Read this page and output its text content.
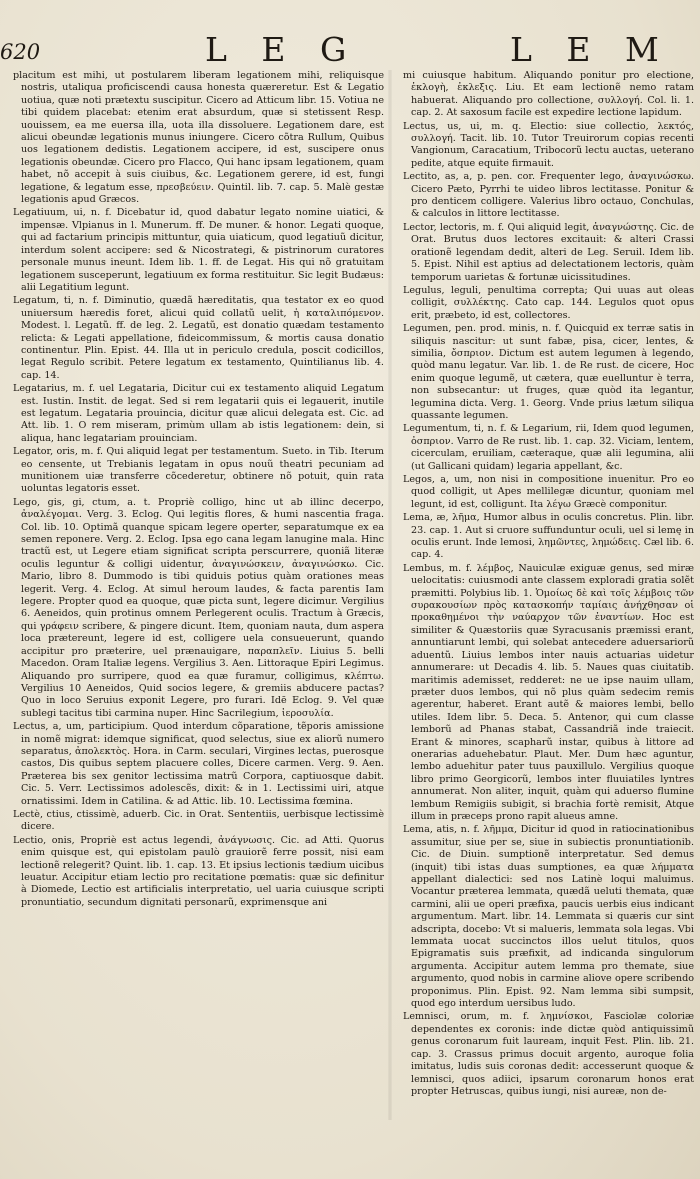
620	L E G	L E M

placitum est mihi, ut postularem liberam legationem mihi, reliquisque nostris, utaliqua proficiscendi causa honesta quæreretur. Est & Legatio uotiua, quæ noti prætextu suscipitur. Cicero ad Atticum libr. 15. Votiua ne tibi quidem placebat: etenim erat absurdum, quæ si stetissent Resp. uouissem, ea me euersa illa, uota illa dissoluere. Legationem dare, est alicui obeundæ legationis munus iniungere. Cicero cõtra Rullum, Quibus uos legationem dedistis. Legationem accipere, id est, suscipere onus legationis obeundæ. Cicero pro Flacco, Qui hanc ipsam legationem, quam habet, nõ accepit à suis ciuibus, &c. Legationem gerere, id est, fungi legatione, & legatum esse, πρεσβεύειν. Quintil. lib. 7. cap. 5. Malè gestæ legationis apud Græcos.

Legatiuum, ui, n. f. Dicebatur id, quod dabatur legato nomine uiatici, & impensæ. Vlpianus in l. Munerum. ff. De muner. & honor. Legati quoque, qui ad factarium principis mittuntur, quia uiaticum, quod legatiuũ dicitur, interdum solent accipere: sed & Nicostrategi, & pistrinorum curatores personale munus ineunt. Idem lib. 1. ff. de Legat. His qui nõ gratuitam legationem susceperunt, legatiuum ex forma restituitur. Sic legit Budæus: alii Legatitium legunt.

Legatum, ti, n. f. Diminutio, quædã hæreditatis, qua testator ex eo quod uniuersum hæredis foret, alicui quid collatũ uelit, ἡ καταλιπόμενον. Modest. l. Legatũ. ff. de leg. 2. Legatũ, est donatio quædam testamento relicta: & Legati appellatione, fideicommissum, & mortis causa donatio continentur. Plin. Epist. 44. Illa ut in periculo credula, poscit codicillos, legat Regulo scribit. Petere legatum ex testamento, Quintilianus lib. 4. cap. 14.

Legatarius, m. f. uel Legataria, Dicitur cui ex testamento aliquid Legatum est. Iustin. Instit. de legat. Sed si rem legatarii quis ei legauerit, inutile est legatum. Legataria prouincia, dicitur quæ alicui delegata est. Cic. ad Att. lib. 1. O rem miseram, primùm ullam ab istis legationem: dein, si aliqua, hanc legatariam prouinciam.

Legator, oris, m. f. Qui aliquid legat per testamentum. Sueto. in Tib. Iterum eo censente, ut Trebianis legatam in opus nouũ theatri pecuniam ad munitionem uiæ transferre cõcederetur, obtinere nõ potuit, quin rata uoluntas legatoris esset.

Lego, gis, gi, ctum, a. t. Propriè colligo, hinc ut ab illinc decerpo, ἀναλέγομαι. Verg. 3. Eclog. Qui legitis flores, & humi nascentia fraga. Col. lib. 10. Optimã quanque spicam legere operter, separatumque ex ea semen reponere. Verg. 2. Eclog. Ipsa ego cana legam lanugine mala. Hinc tractũ est, ut Legere etiam significat scripta perscurrere, quoniã literæ oculis leguntur & colligi uidentur, ἀναγινώσκειν, ἀναγινώσκω. Cic. Mario, libro 8. Dummodo is tibi quiduis potius quàm orationes meas legerit. Verg. 4. Eclog. At simul heroum laudes, & facta parentis Iam legere. Propter quod ea quoque, quæ picta sunt, legere dicimur. Vergilius 6. Aeneidos, quin protinus omnem Perlegerent oculis. Tractum à Græcis, qui γράφειν scribere, & pingere dicunt. Item, quoniam nauta, dum aspera loca prætereunt, legere id est, colligere uela consueuerunt, quando accipitur pro præterire, uel prænauigare, παραπλεῖν. Liuius 5. belli Macedon. Oram Italiæ legens. Vergilius 3. Aen. Littoraque Epiri Legimus. Aliquando pro surripere, quod ea quæ furamur, colligimus, κλέπτω. Vergilius 10 Aeneidos, Quid socios legere, & gremiis abducere pactas? Quo in loco Seruius exponit Legere, pro furari. Idē Eclog. 9. Vel quæ sublegi tacitus tibi carmina nuper. Hinc Sacrilegium, ἱεροσυλία.

Lectus, a, um, participium. Quod interdum cõparatione, tẽporis amissione in nomẽ migrat: idemque significat, quod selectus, siue ex aliorũ numero separatus, ἀπολεκτὸς. Hora. in Carm. seculari, Virgines lectas, puerosque castos, Dis quibus septem placuere colles, Dicere carmen. Verg. 9. Aen. Præterea bis sex genitor lectissima matrũ Corpora, captiuosque dabit. Cic. 5. Verr. Lectissimos adolescẽs, dixit: & in 1. Lectissimi uiri, atque ornatissimi. Idem in Catilina. & ad Attic. lib. 10. Lectissima fœmina.

Lectè, ctius, ctissimè, aduerb. Cic. in Orat. Sententiis, uerbisque lectissimè dicere.

Lectio, onis, Propriè est actus legendi, ἀνάγνωσις. Cic. ad Atti. Quorus enim quisque est, qui epistolam paulò grauiorẽ ferre possit, nisi eam lectionẽ relegerit? Quint. lib. 1. cap. 13. Et ipsius lectionis tædium uicibus leuatur. Accipitur etiam lectio pro recitatione pœmatis: quæ sic definitur à Diomede, Lectio est artificialis interpretatio, uel uaria cuiusque scripti pronuntiatio, secundum dignitati personarũ, exprimensque ani

mi cuiusque habitum. Aliquando ponitur pro electione, ἐκλογὴ, ἐκλεξις. Liu. Et eam lectionẽ nemo ratam habuerat. Aliquando pro collectione, συλλογή. Col. li. 1. cap. 2. At saxosum facile est expedire lectione lapidum.

Lectus, us, ui, m. q. Electio: siue collectio, λεκτός, συλλογή. Tacit. lib. 10. Tutor Treuirorum copias recenti Vangionum, Caracatium, Tribocorũ lectu auctas, ueterano pedite, atque equite firmauit.

Lectito, as, a, p. pen. cor. Frequenter lego, ἀναγινώσκω. Cicero Pæto, Pyrrhi te uideo libros lectitasse. Ponitur & pro denticem colligere. Valerius libro octauo, Conchulas, & calculos in littore lectitasse.

Lector, lectoris, m. f. Qui aliquid legit, ἀναγνώστης. Cic. de Orat. Brutus duos lectores excitauit: & alteri Crassi orationẽ legendam dedit, alteri de Leg. Seruil. Idem lib. 5. Epist. Nihil est aptius ad delectationem lectoris, quàm temporum uarietas & fortunæ uicissitudines.

Legulus, leguli, penultima correpta; Qui uuas aut oleas colligit, συλλέκτης. Cato cap. 144. Legulos quot opus erit, præbeto, id est, collectores.

Legumen, pen. prod. minis, n. f. Quicquid ex terræ satis in siliquis nascitur: ut sunt fabæ, pisa, cicer, lentes, & similia, ὄσπριον. Dictum est autem legumen à legendo, quòd manu legatur. Var. lib. 1. de Re rust. de cicere, Hoc enim quoque legumẽ, ut cætera, quæ euelluntur è terra, non subsecantur: ut fruges, quæ quòd ita legantur, legumina dicta. Verg. 1. Georg. Vnde prius lætum siliqua quassante legumen.

Legumentum, ti, n. f. & Legarium, rii, Idem quod legumen, ὀσπριον. Varro de Re rust. lib. 1. cap. 32. Viciam, lentem, cicerculam, eruiliam, cæteraque, quæ alii legumina, alii (ut Gallicani quidam) legaria appellant, &c.

Legos, a, um, non nisi in compositione inuenitur. Pro eo quod colligit, ut Apes mellilegæ dicuntur, quoniam mel legunt, id est, colligunt. Ita λέγω Græcè componitur.

Lema, æ, λῆμα, Humor albus in oculis concretus. Plin. libr. 23. cap. 1. Aut si cruore suffunduntur oculi, uel si lemę in oculis erunt. Inde lemosi, λημῶντες, λημώδεις. Cæl lib. 6. cap. 4.

Lembus, m. f. λέμβος, Nauiculæ exiguæ genus, sed miræ uelocitatis: cuiusmodi ante classem exploradi gratia solẽt præmitti. Polybius lib. 1. Ὁμοίως δὲ καὶ τοῖς λέμβοις τῶν συρακουσίων πρὸς κατασκοπήν ταμίαις ἀνήχθησαν οἱ προκαθημένοι τὴν ναύαρχον τῶν ἐναντίων. Hoc est similiter & Quæstoriis quæ Syracusanis præmissi erant, annuntiarunt lembi, qui solebat antecedere aduersariorũ aduentũ. Liuius lembos inter nauis actuarias uidetur annumerare: ut Decadis 4. lib. 5. Naues quas ciuitatib. maritimis ademisset, redderet: ne ue ipse nauim ullam, præter duos lembos, qui nõ plus quàm sedecim remis agerentur, haberet. Erant autẽ & maiores lembi, bello utiles. Idem libr. 5. Deca. 5. Antenor, qui cum classe lemborũ ad Phanas stabat, Cassandriã inde traiecit. Erant & minores, scapharũ instar, quibus à littore ad onerarias aduehebatur. Plaut. Mer. Dum hæc aguntur, lembo aduehitur pater tuus pauxillulo. Vergilius quoque libro primo Georgicorũ, lembos inter fluuiatiles lyntres annumerat. Non aliter, inquit, quàm qui aduerso flumine lembum Remigiis subigit, si brachia fortè remisit, Atque illum in præceps prono rapit alueus amne.

Lema, atis, n. f. λῆμμα, Dicitur id quod in ratiocinationibus assumitur, siue per se, siue in subiectis pronuntiationib. Cic. de Diuin. sumptionẽ interpretatur. Sed demus (inquit) tibi istas duas sumptiones, ea quæ λήμματα appellant dialectici: sed nos Latinè loqui maluimus. Vocantur præterea lemmata, quædã ueluti themata, quæ carmini, alii ue operi præfixa, paucis uerbis eius indicant argumentum. Mart. libr. 14. Lemmata si quæris cur sint adscripta, docebo: Vt si malueris, lemmata sola legas. Vbi lemmata uocat succinctos illos uelut titulos, quos Epigramatis suis præfixit, ad indicanda singulorum argumenta. Accipitur autem lemma pro themate, siue argumento, quod nobis in carmine aliove opere scribendo proponimus. Plin. Epist. 92. Nam lemma sibi sumpsit, quod ego interdum uersibus ludo.

Lemnisci, orum, m. f. λημνίσκοι, Fasciolæ coloriæ dependentes ex coronis: inde dictæ quòd antiquissimũ genus coronarum fuit lauream, inquit Fest. Plin. lib. 21. cap. 3. Crassus primus docuit argento, auroque folia imitatus, ludis suis coronas dedit: accesserunt quoque & lemnisci, quos adiici, ipsarum coronarum honos erat propter Hetruscas, quibus iungi, nisi aureæ, non de-
